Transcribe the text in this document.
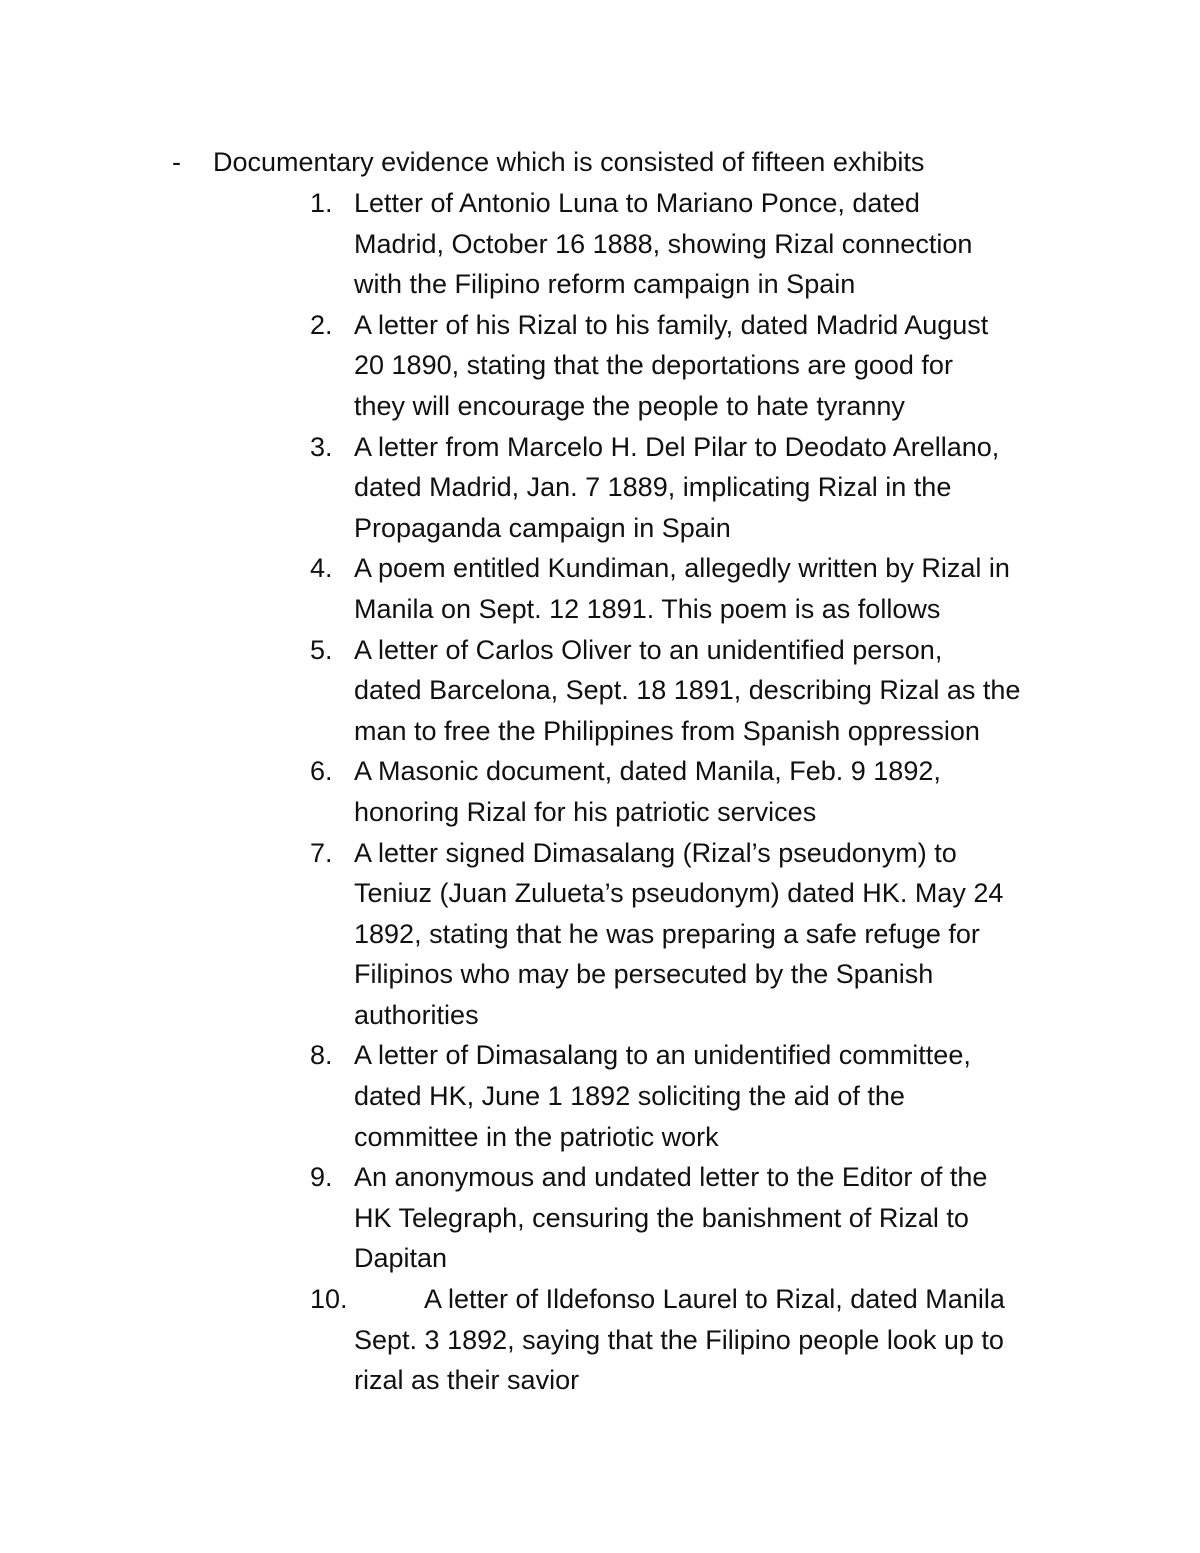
- Documentary evidence which is consisted of fifteen exhibits
1. Letter of Antonio Luna to Mariano Ponce, dated
Madrid, October 16 1888, showing Rizal connection
with the Filipino reform campaign in Spain
2. A letter of his Rizal to his family, dated Madrid August
20 1890, stating that the deportations are good for
they will encourage the people to hate tyranny
3. A letter from Marcelo H. Del Pilar to Deodato Arellano,
dated Madrid, Jan. 7 1889, implicating Rizal in the
Propaganda campaign in Spain
4. A poem entitled Kundiman, allegedly written by Rizal in
Manila on Sept. 12 1891. This poem is as follows
5. A letter of Carlos Oliver to an unidentified person,
dated Barcelona, Sept. 18 1891, describing Rizal as the
man to free the Philippines from Spanish oppression
6. A Masonic document, dated Manila, Feb. 9 1892,
honoring Rizal for his patriotic services
7. A letter signed Dimasalang (Rizal’s pseudonym) to
Teniuz (Juan Zulueta’s pseudonym) dated HK. May 24
1892, stating that he was preparing a safe refuge for
Filipinos who may be persecuted by the Spanish
authorities
8. A letter of Dimasalang to an unidentified committee,
dated HK, June 1 1892 soliciting the aid of the
committee in the patriotic work
9. An anonymous and undated letter to the Editor of the
HK Telegraph, censuring the banishment of Rizal to
Dapitan
10.	A letter of Ildefonso Laurel to Rizal, dated Manila
Sept. 3 1892, saying that the Filipino people look up to
rizal as their savior
